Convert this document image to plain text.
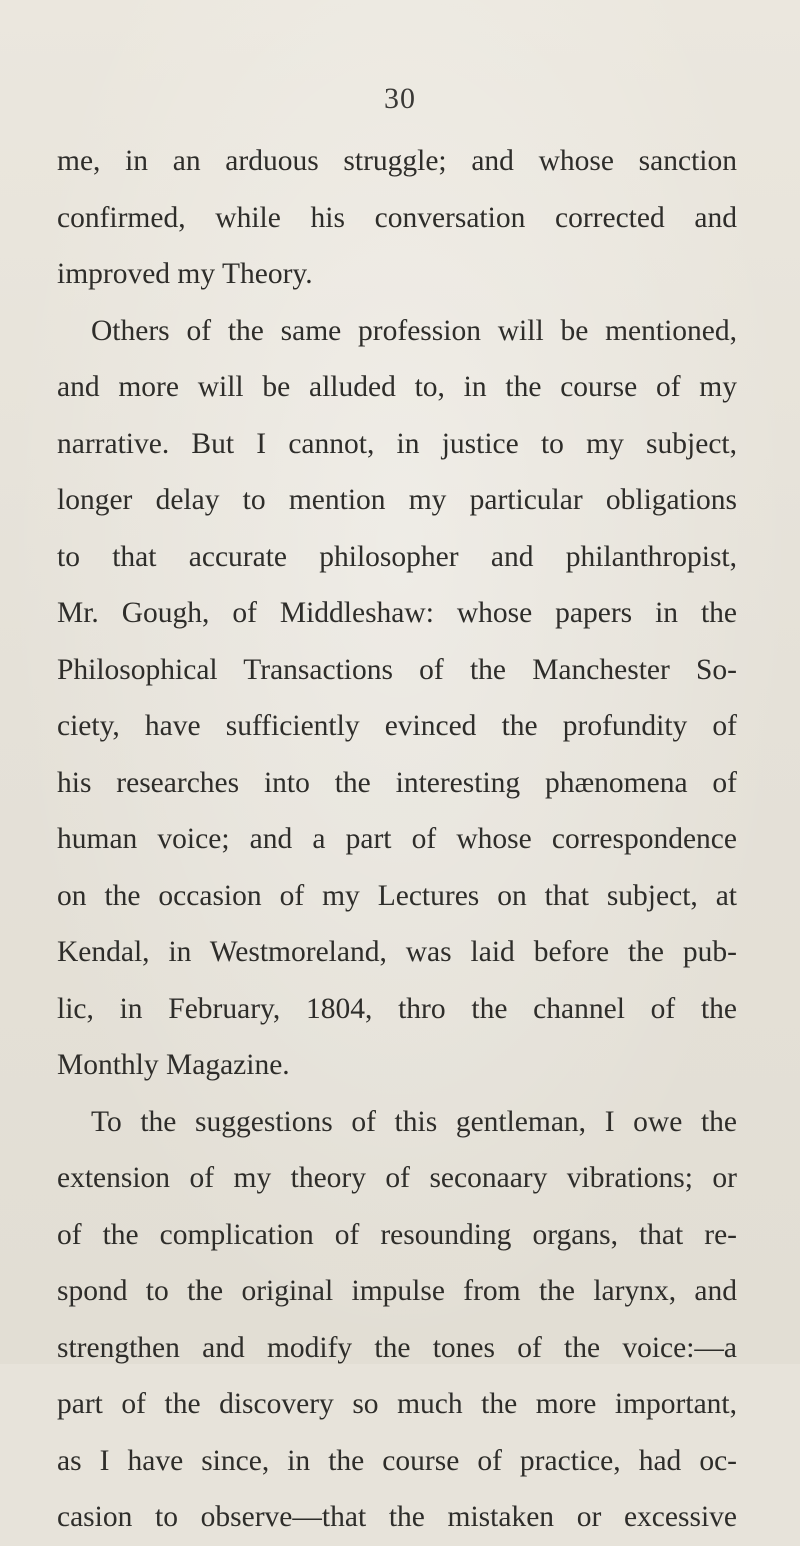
30
me, in an arduous struggle; and whose sanction
confirmed, while his conversation corrected and
improved my Theory.
Others of the same profession will be mentioned,
and more will be alluded to, in the course of my
narrative. But I cannot, in justice to my subject,
longer delay to mention my particular obligations
to that accurate philosopher and philanthropist,
Mr. Gough, of Middleshaw: whose papers in the
Philosophical Transactions of the Manchester So-
ciety, have sufficiently evinced the profundity of
his researches into the interesting phænomena of
human voice; and a part of whose correspondence
on the occasion of my Lectures on that subject, at
Kendal, in Westmoreland, was laid before the pub-
lic, in February, 1804, thro the channel of the
Monthly Magazine.
To the suggestions of this gentleman, I owe the
extension of my theory of seconaary vibrations; or
of the complication of resounding organs, that re-
spond to the original impulse from the larynx, and
strengthen and modify the tones of the voice:—a
part of the discovery so much the more important,
as I have since, in the course of practice, had oc-
casion to observe—that the mistaken or excessive
